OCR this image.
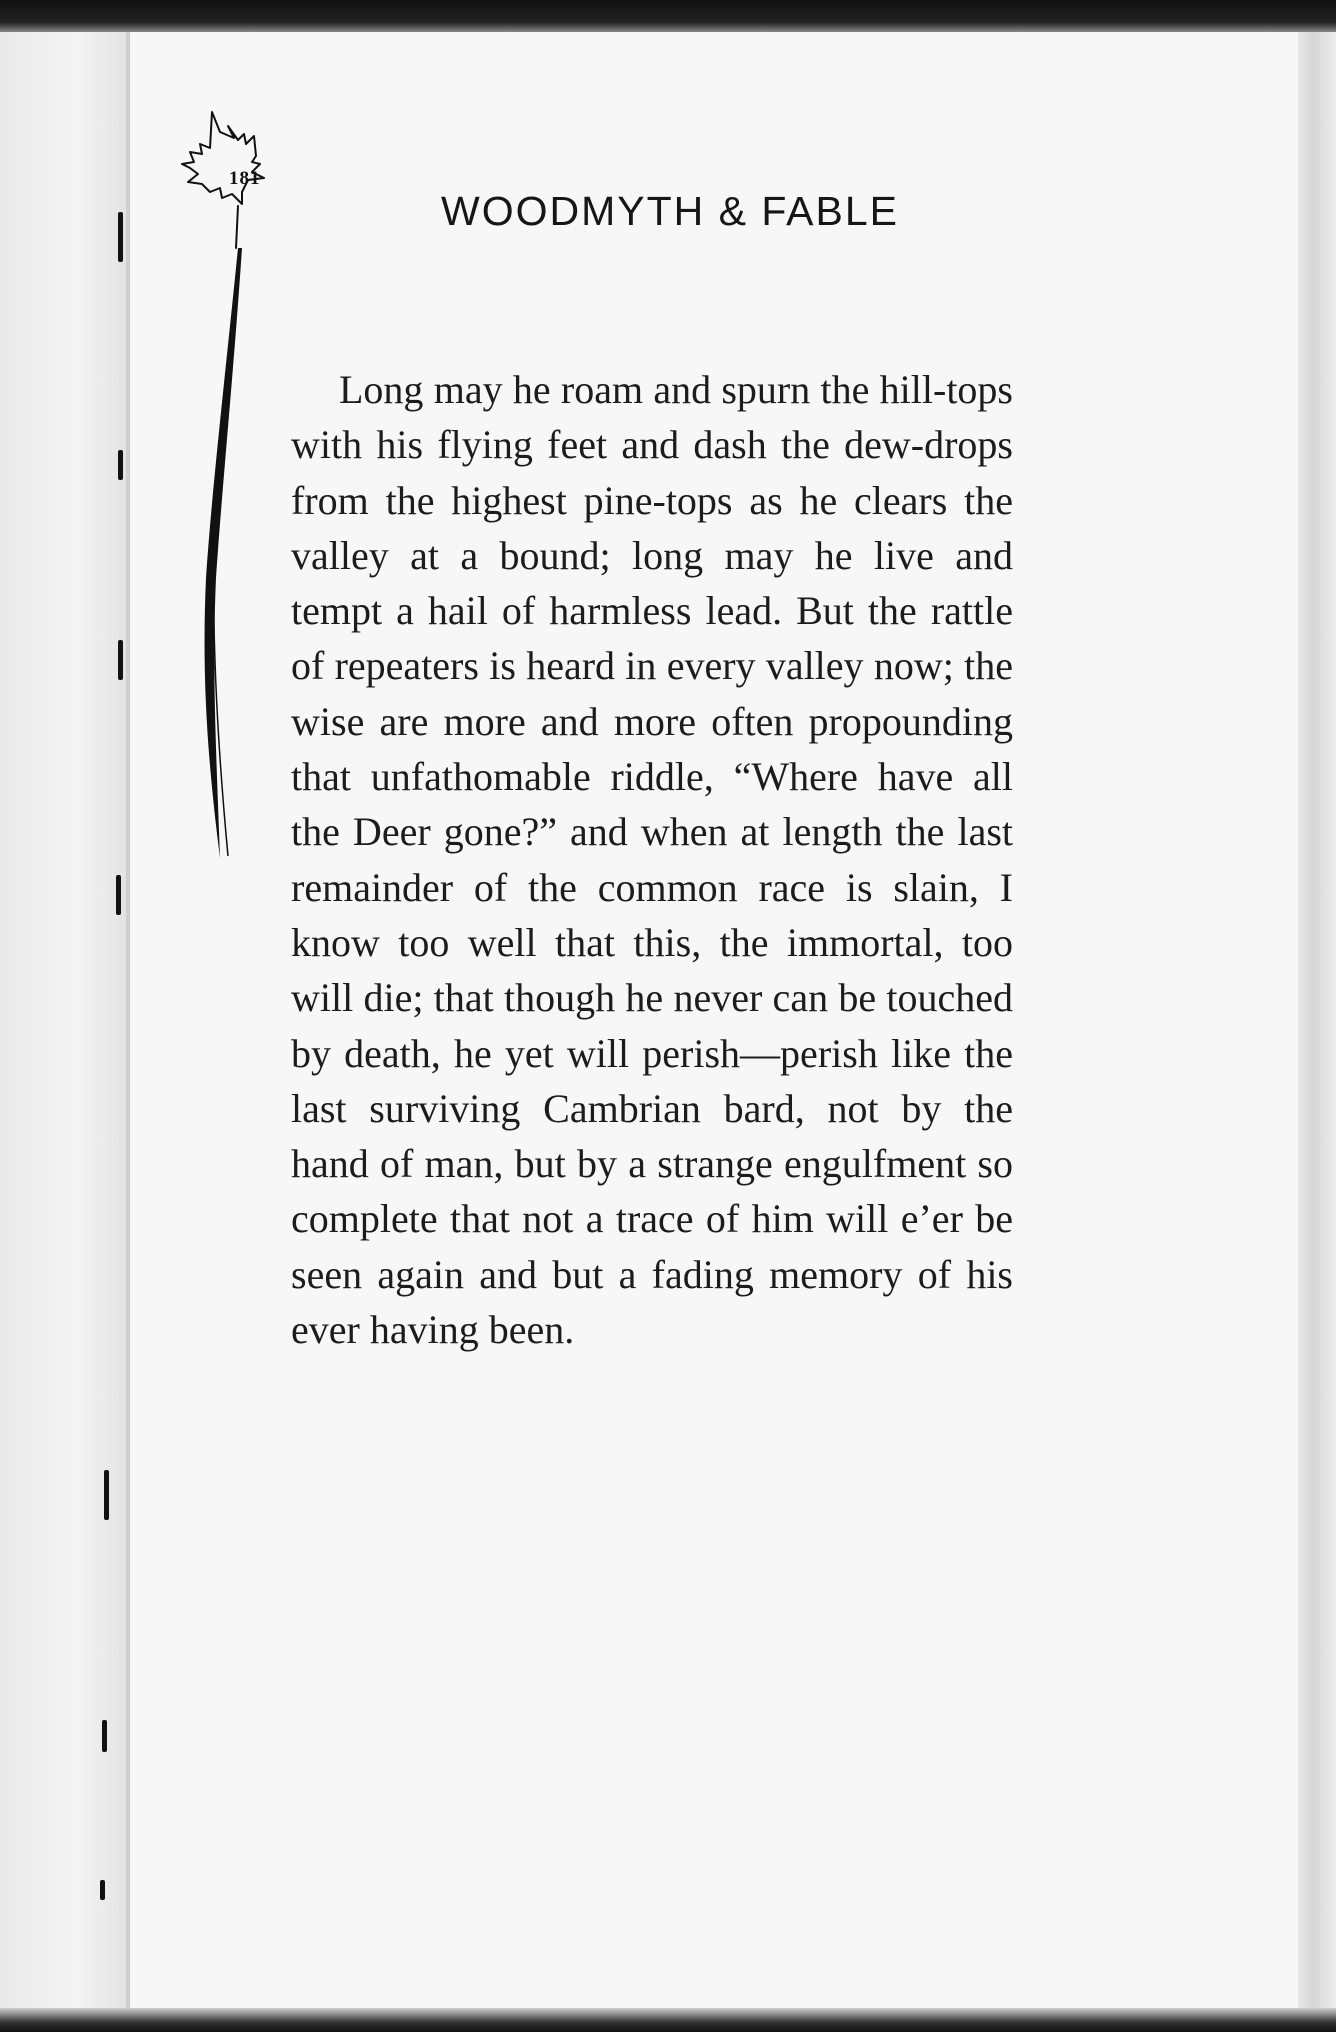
181
WOODMYTH & FABLE

Long may he roam and spurn the hill-tops with his flying feet and dash the dew-drops from the highest pine-tops as he clears the valley at a bound; long may he live and tempt a hail of harmless lead. But the rattle of repeaters is heard in every valley now; the wise are more and more often propounding that unfathomable riddle, “Where have all the Deer gone?” and when at length the last remainder of the common race is slain, I know too well that this, the immortal, too will die; that though he never can be touched by death, he yet will perish—perish like the last surviving Cambrian bard, not by the hand of man, but by a strange engulfment so complete that not a trace of him will e’er be seen again and but a fading memory of his ever having been.
